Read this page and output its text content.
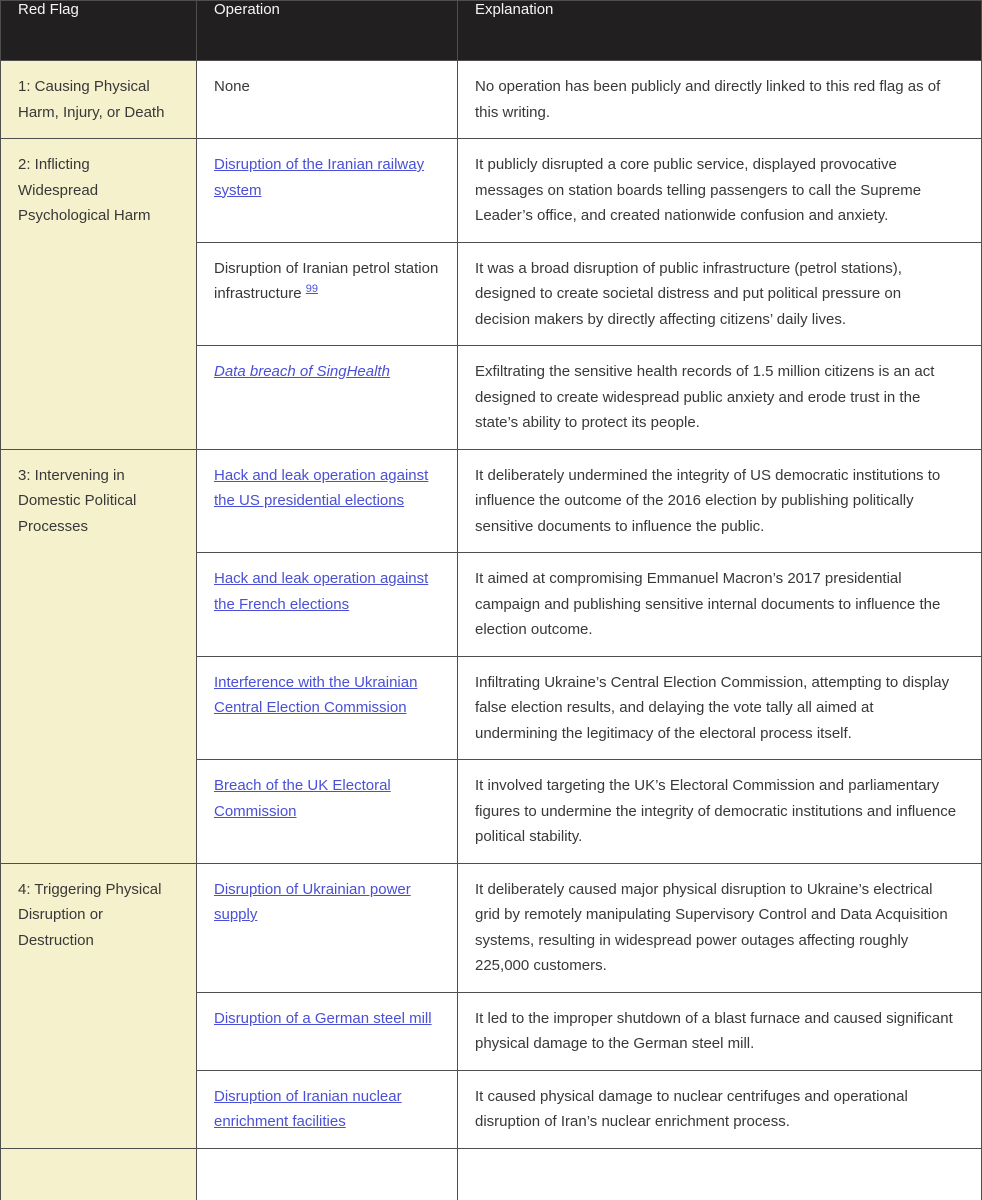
Red Flag	Operation	Explanation
1: Causing Physical Harm, Injury, or Death	None	No operation has been publicly and directly linked to this red flag as of this writing.
2: Inflicting Widespread Psychological Harm	Disruption of the Iranian railway system	It publicly disrupted a core public service, displayed provocative messages on station boards telling passengers to call the Supreme Leader’s office, and created nationwide confusion and anxiety.
	Disruption of Iranian petrol station infrastructure $^{99}$	It was a broad disruption of public infrastructure (petrol stations), designed to create societal distress and put political pressure on decision makers by directly affecting citizens’ daily lives.
	Data breach of SingHealth	Exfiltrating the sensitive health records of 1.5 million citizens is an act designed to create widespread public anxiety and erode trust in the state’s ability to protect its people.
3: Intervening in Domestic Political Processes	Hack and leak operation against the US presidential elections	It deliberately undermined the integrity of US democratic institutions to influence the outcome of the 2016 election by publishing politically sensitive documents to influence the public.
	Hack and leak operation against the French elections	It aimed at compromising Emmanuel Macron’s 2017 presidential campaign and publishing sensitive internal documents to influence the election outcome.
	Interference with the Ukrainian Central Election Commission	Infiltrating Ukraine’s Central Election Commission, attempting to display false election results, and delaying the vote tally all aimed at undermining the legitimacy of the electoral process itself.
	Breach of the UK Electoral Commission	It involved targeting the UK’s Electoral Commission and parliamentary figures to undermine the integrity of democratic institutions and influence political stability.
4: Triggering Physical Disruption or Destruction	Disruption of Ukrainian power supply	It deliberately caused major physical disruption to Ukraine’s electrical grid by remotely manipulating Supervisory Control and Data Acquisition systems, resulting in widespread power outages affecting roughly 225,000 customers.
	Disruption of a German steel mill	It led to the improper shutdown of a blast furnace and caused significant physical damage to the German steel mill.
	Disruption of Iranian nuclear enrichment facilities	It caused physical damage to nuclear centrifuges and operational disruption of Iran’s nuclear enrichment process.
